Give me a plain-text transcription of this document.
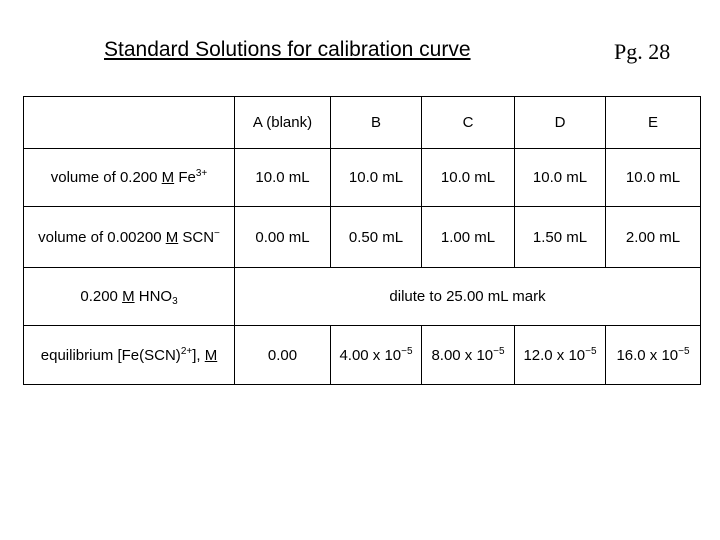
Standard Solutions for calibration curve	Pg. 28
	A (blank)	B	C	D	E
volume of 0.200 M $Fe^{3+}$	10.0 mL	10.0 mL	10.0 mL	10.0 mL	10.0 mL
volume of 0.00200 M SCN−	0.00 mL	0.50 mL	1.00 mL	1.50 mL	2.00 mL
0.200 M $HNO_3$	dilute to 25.00 mL mark				
equilibrium [Fe(SCN)$^{2+}$], M	0.00	4.00 x $10^{-5}$	8.00 x $10^{-5}$	12.0 x $10^{-5}$	16.0 x $10^{-5}$
